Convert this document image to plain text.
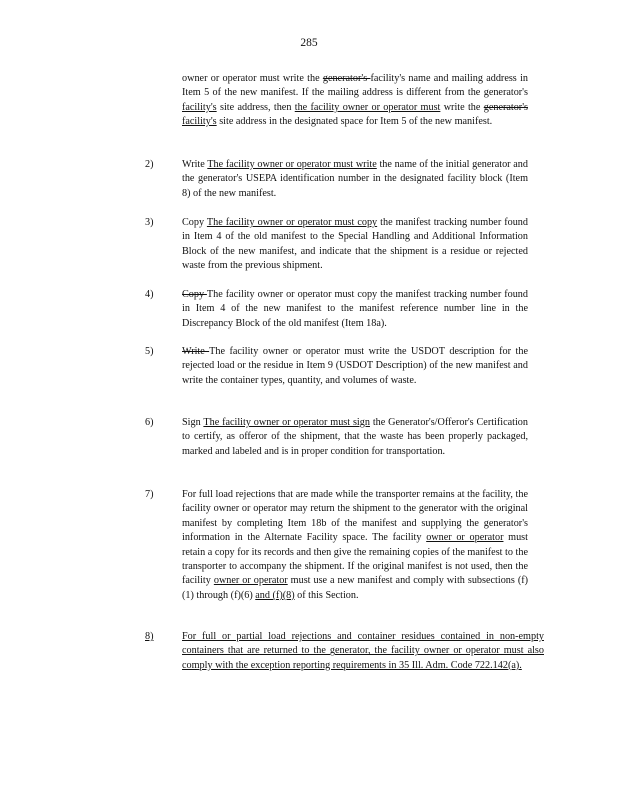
285
owner or operator must write the generator's facility's name and mailing address in Item 5 of the new manifest. If the mailing address is different from the generator's facility's site address, then the facility owner or operator must write the generator's facility's site address in the designated space for Item 5 of the new manifest.
2)	Write The facility owner or operator must write the name of the initial generator and the generator's USEPA identification number in the designated facility block (Item 8) of the new manifest.
3)	Copy The facility owner or operator must copy the manifest tracking number found in Item 4 of the old manifest to the Special Handling and Additional Information Block of the new manifest, and indicate that the shipment is a residue or rejected waste from the previous shipment.
4)	Copy The facility owner or operator must copy the manifest tracking number found in Item 4 of the new manifest to the manifest reference number line in the Discrepancy Block of the old manifest (Item 18a).
5)	Write The facility owner or operator must write the USDOT description for the rejected load or the residue in Item 9 (USDOT Description) of the new manifest and write the container types, quantity, and volumes of waste.
6)	Sign The facility owner or operator must sign the Generator's/Offeror's Certification to certify, as offeror of the shipment, that the waste has been properly packaged, marked and labeled and is in proper condition for transportation.
7)	For full load rejections that are made while the transporter remains at the facility, the facility owner or operator may return the shipment to the generator with the original manifest by completing Item 18b of the manifest and supplying the generator's information in the Alternate Facility space. The facility owner or operator must retain a copy for its records and then give the remaining copies of the manifest to the transporter to accompany the shipment. If the original manifest is not used, then the facility owner or operator must use a new manifest and comply with subsections (f)(1) through (f)(6) and (f)(8) of this Section.
8)	For full or partial load rejections and container residues contained in non-empty containers that are returned to the generator, the facility owner or operator must also comply with the exception reporting requirements in 35 Ill. Adm. Code 722.142(a).
